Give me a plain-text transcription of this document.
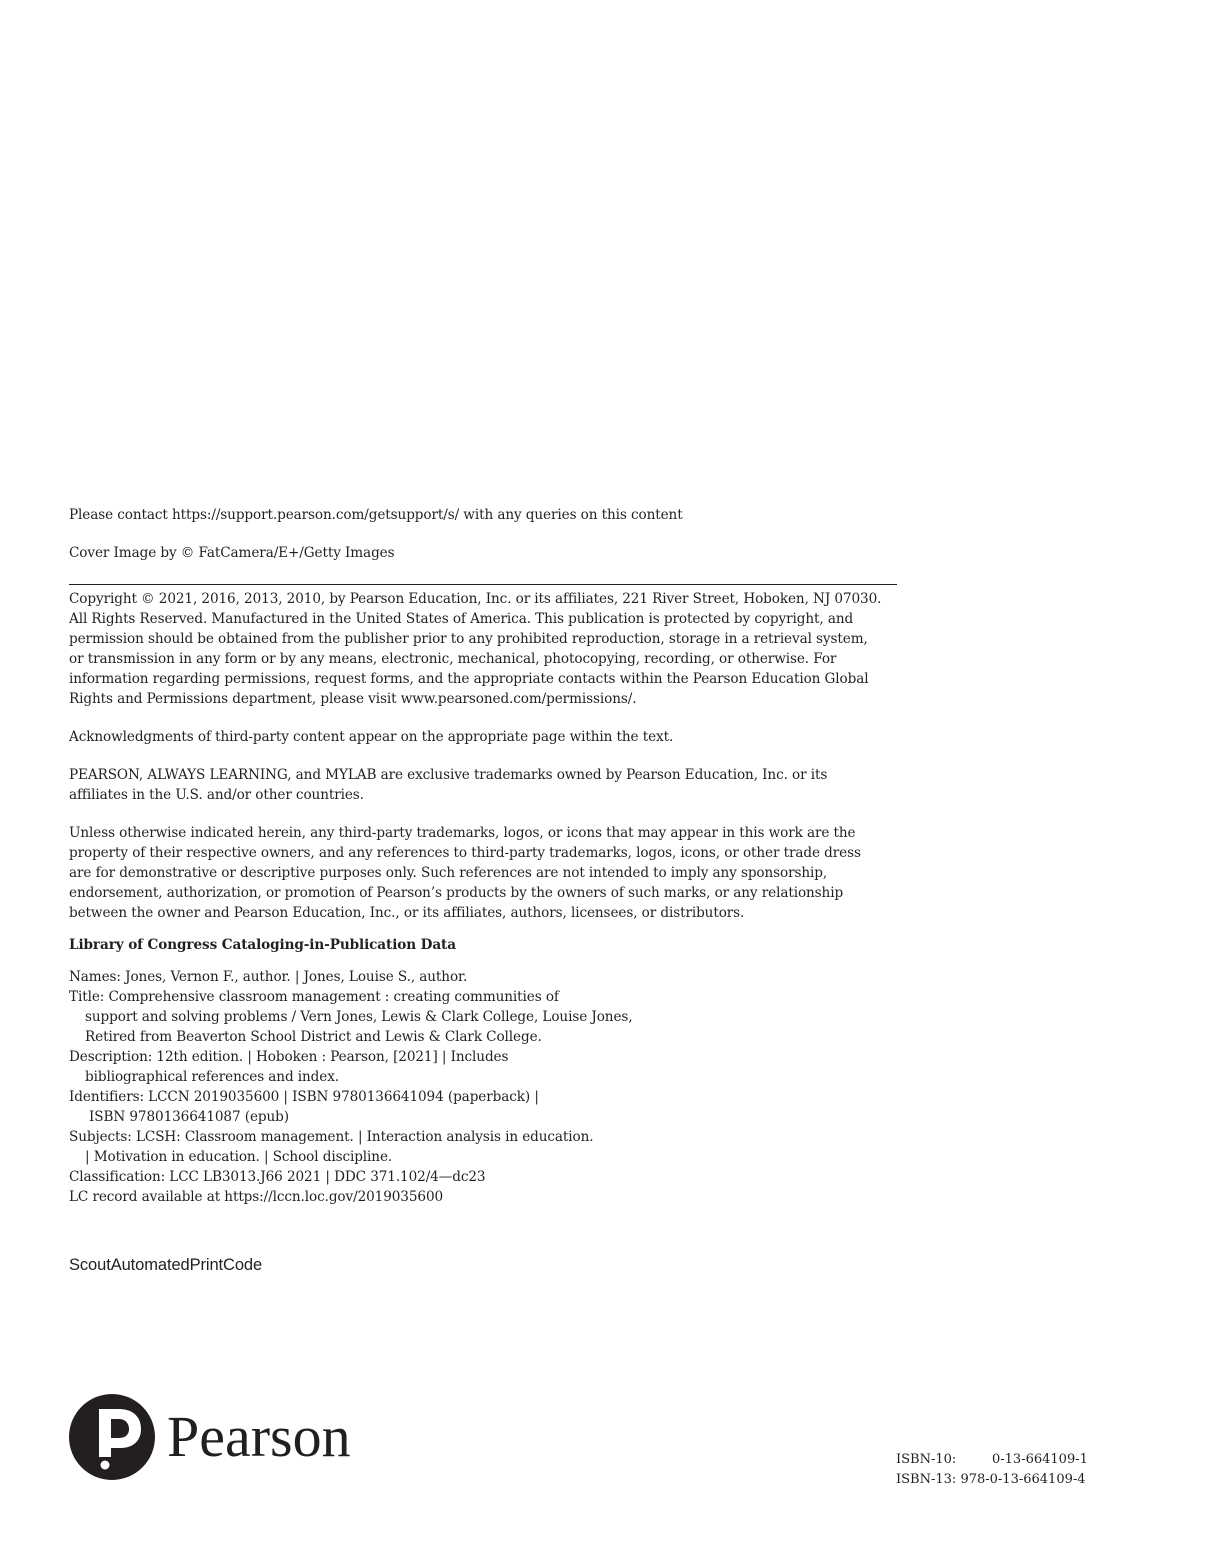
Please contact https://support.pearson.com/getsupport/s/ with any queries on this content
Cover Image by © FatCamera/E+/Getty Images
Copyright © 2021, 2016, 2013, 2010, by Pearson Education, Inc. or its affiliates, 221 River Street, Hoboken, NJ 07030.
All Rights Reserved. Manufactured in the United States of America. This publication is protected by copyright, and
permission should be obtained from the publisher prior to any prohibited reproduction, storage in a retrieval system,
or transmission in any form or by any means, electronic, mechanical, photocopying, recording, or otherwise. For
information regarding permissions, request forms, and the appropriate contacts within the Pearson Education Global
Rights and Permissions department, please visit www.pearsoned.com/permissions/.
Acknowledgments of third-party content appear on the appropriate page within the text.
PEARSON, ALWAYS LEARNING, and MYLAB are exclusive trademarks owned by Pearson Education, Inc. or its
affiliates in the U.S. and/or other countries.
Unless otherwise indicated herein, any third-party trademarks, logos, or icons that may appear in this work are the
property of their respective owners, and any references to third-party trademarks, logos, icons, or other trade dress
are for demonstrative or descriptive purposes only. Such references are not intended to imply any sponsorship,
endorsement, authorization, or promotion of Pearson’s products by the owners of such marks, or any relationship
between the owner and Pearson Education, Inc., or its affiliates, authors, licensees, or distributors.
Library of Congress Cataloging-in-Publication Data
Names: Jones, Vernon F., author. | Jones, Louise S., author.
Title: Comprehensive classroom management : creating communities of
support and solving problems / Vern Jones, Lewis & Clark College, Louise Jones,
Retired from Beaverton School District and Lewis & Clark College.
Description: 12th edition. | Hoboken : Pearson, [2021] | Includes
bibliographical references and index.
Identifiers: LCCN 2019035600 | ISBN 9780136641094 (paperback) |
ISBN 9780136641087 (epub)
Subjects: LCSH: Classroom management. | Interaction analysis in education.
| Motivation in education. | School discipline.
Classification: LCC LB3013.J66 2021 | DDC 371.102/4—dc23
LC record available at https://lccn.loc.gov/2019035600
ScoutAutomatedPrintCode
Pearson	ISBN-10:	0-13-664109-1
ISBN-13: 978-0-13-664109-4
